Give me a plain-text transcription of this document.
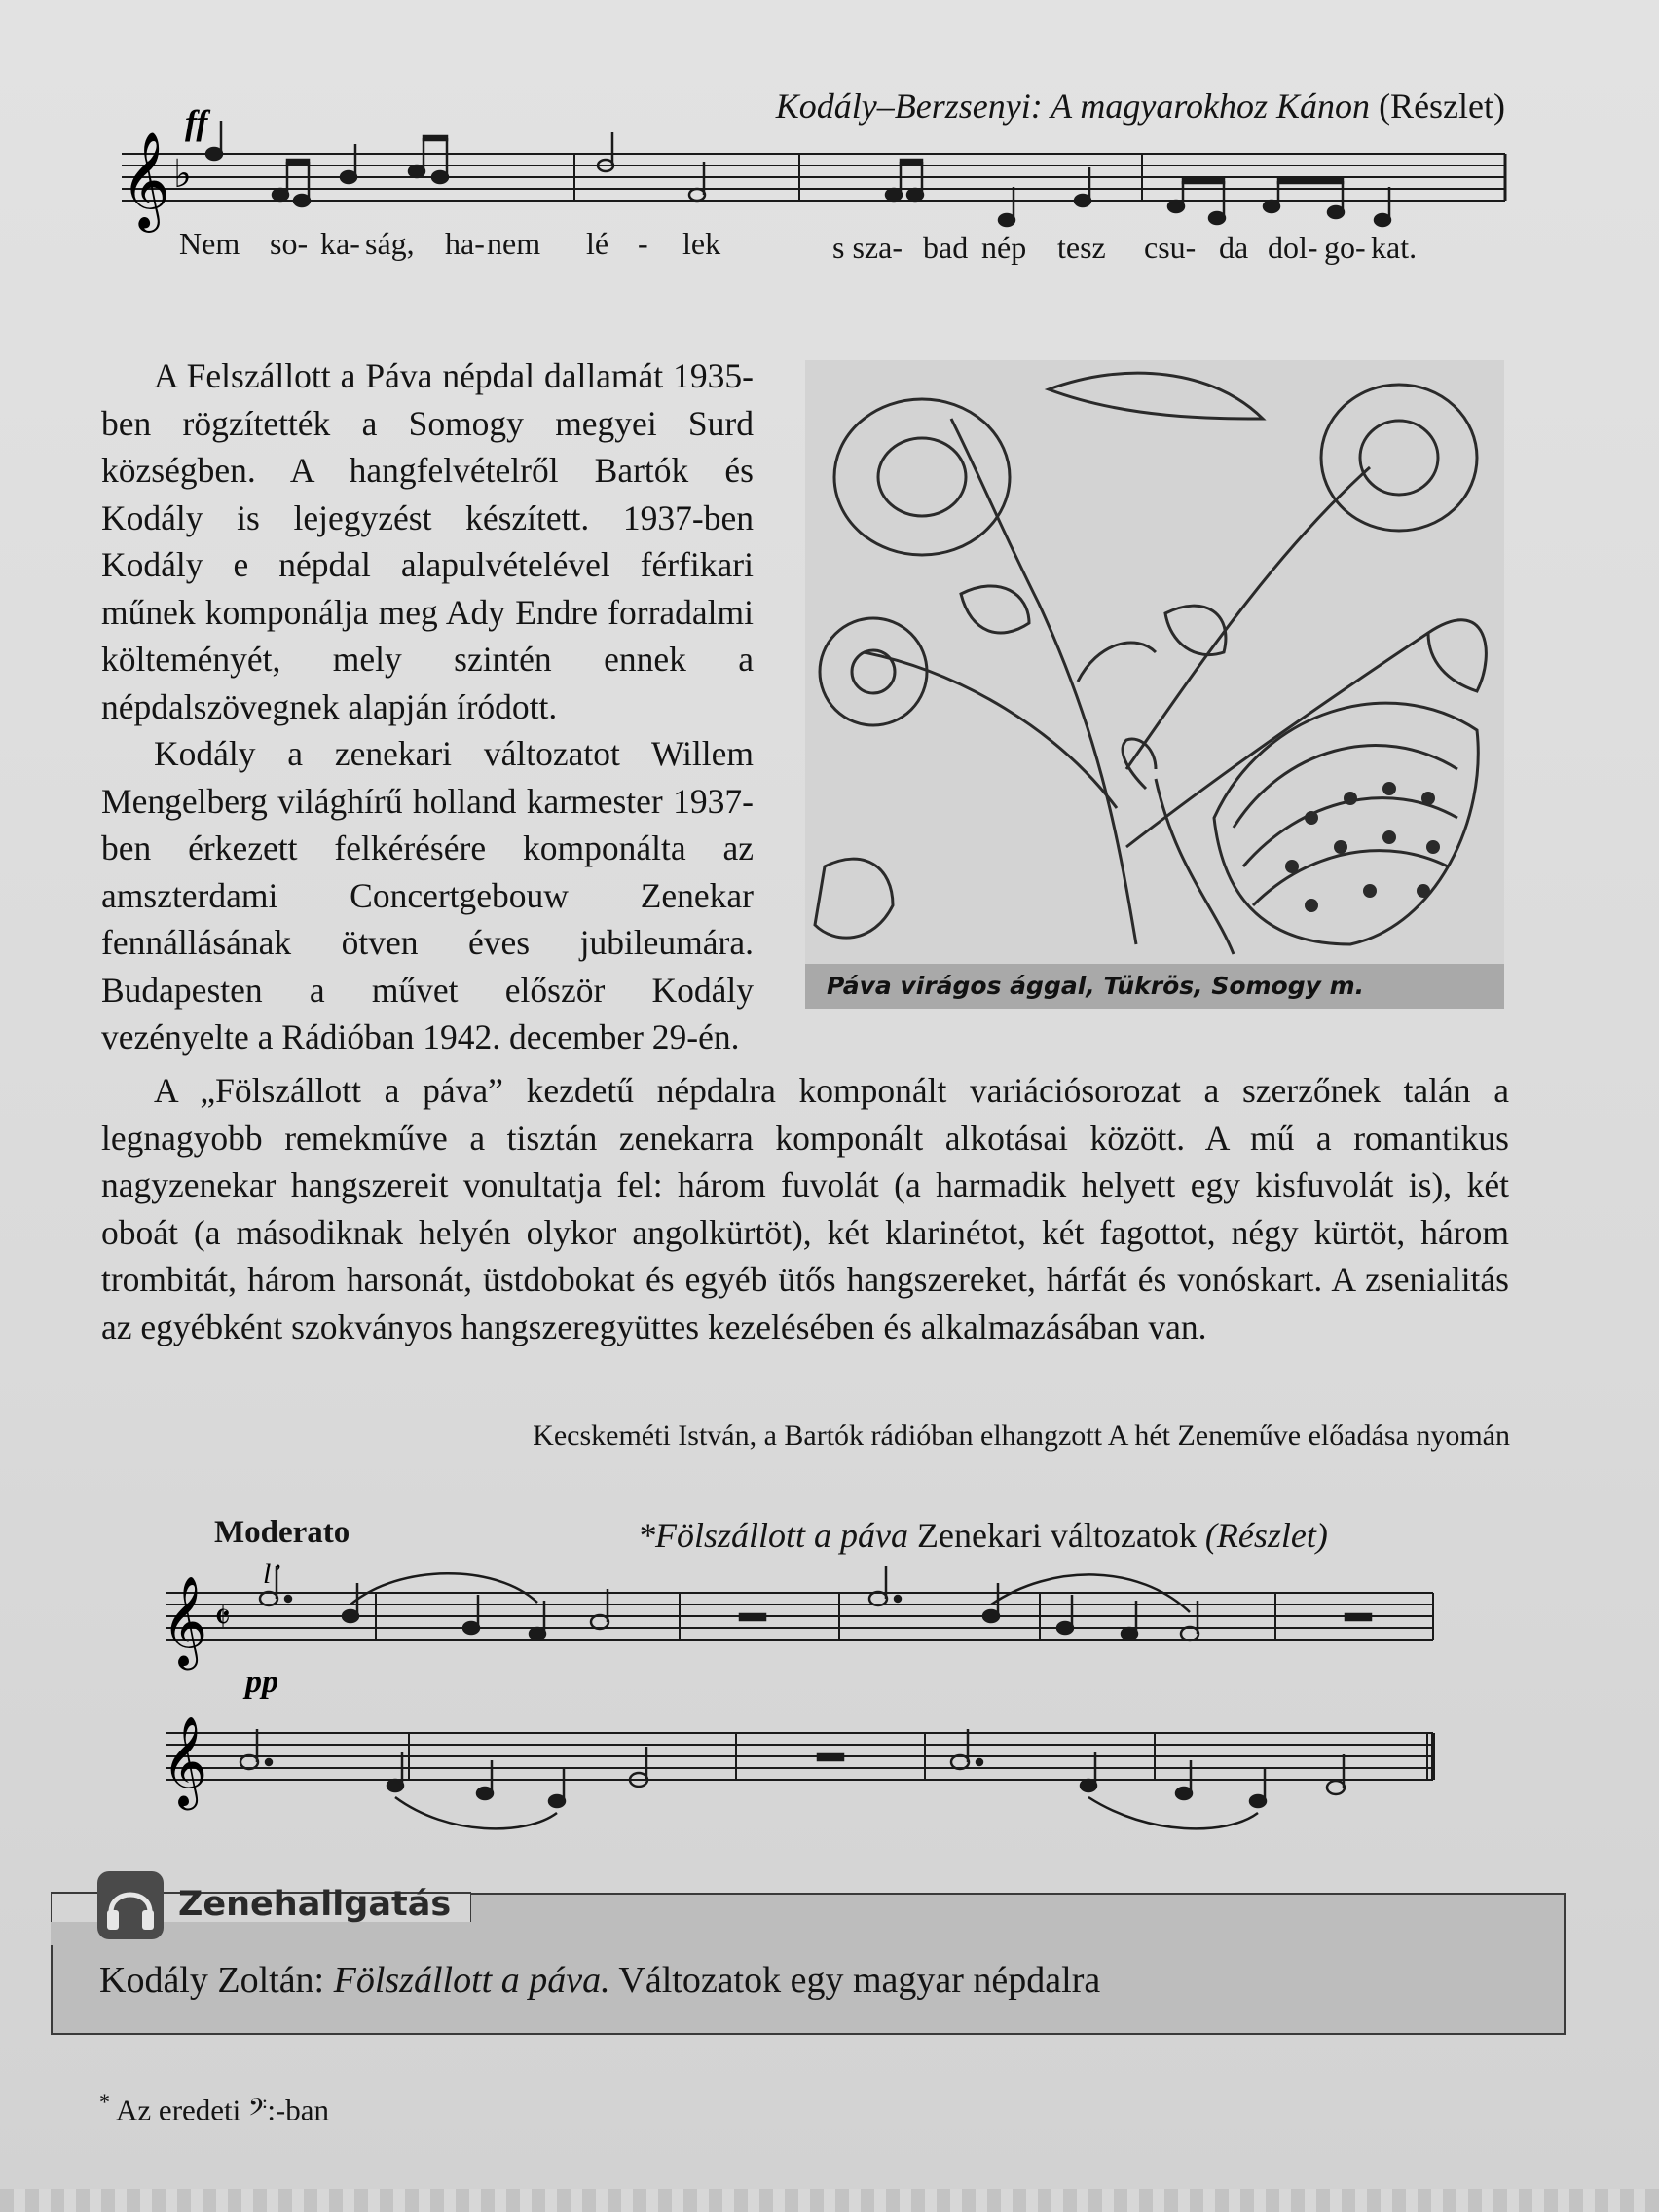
Kodály–Berzsenyi: A magyarokhoz Kánon (Részlet)
𝄞 ♭
ff
Nem so- ka- ság, ha- nem lé - lek	s sza- bad nép tesz csu- da dol- go- kat.

A Felszállott a Páva népdal dallamát 1935-ben rögzítették a Somogy megyei Surd községben. A hangfelvételről Bartók és Kodály is lejegyzést készített. 1937-ben Kodály e népdal alapulvételével férfikari műnek komponálja meg Ady Endre forradalmi költeményét, mely szintén ennek a népdalszövegnek alapján íródott.

Kodály a zenekari változatot Willem Mengelberg világhírű holland karmester 1937-ben érkezett felkérésére komponálta az amszterdami Concertgebouw Zenekar fennállásának ötven éves jubileumára. Budapesten a művet először Kodály vezényelte a Rádióban 1942. december 29-én.

Páva virágos ággal, Tükrös, Somogy m.

A „Fölszállott a páva” kezdetű népdalra komponált variációsorozat a szerzőnek talán a legnagyobb remekműve a tisztán zenekarra komponált alkotásai között. A mű a romantikus nagyzenekar hangszereit vonultatja fel: három fuvolát (a harmadik helyett egy kisfuvolát is), két oboát (a másodiknak helyén olykor angolkürtöt), két klarinétot, két fagottot, négy kürtöt, három trombitát, három harsonát, üstdobokat és egyéb ütős hangszereket, hárfát és vonóskart. A zsenialitás az egyébként szokványos hangszeregyüttes kezelésében és alkalmazásában van.

Kecskeméti István, a Bartók rádióban elhangzott A hét Zeneműve előadása nyomán
Moderato	*Fölszállott a páva Zenekari változatok (Részlet)
𝄞 𝄵
l’
pp
𝄞
Zenehallgatás
Kodály Zoltán: Fölszállott a páva. Változatok egy magyar népdalra
* Az eredeti 𝄢:-ban
